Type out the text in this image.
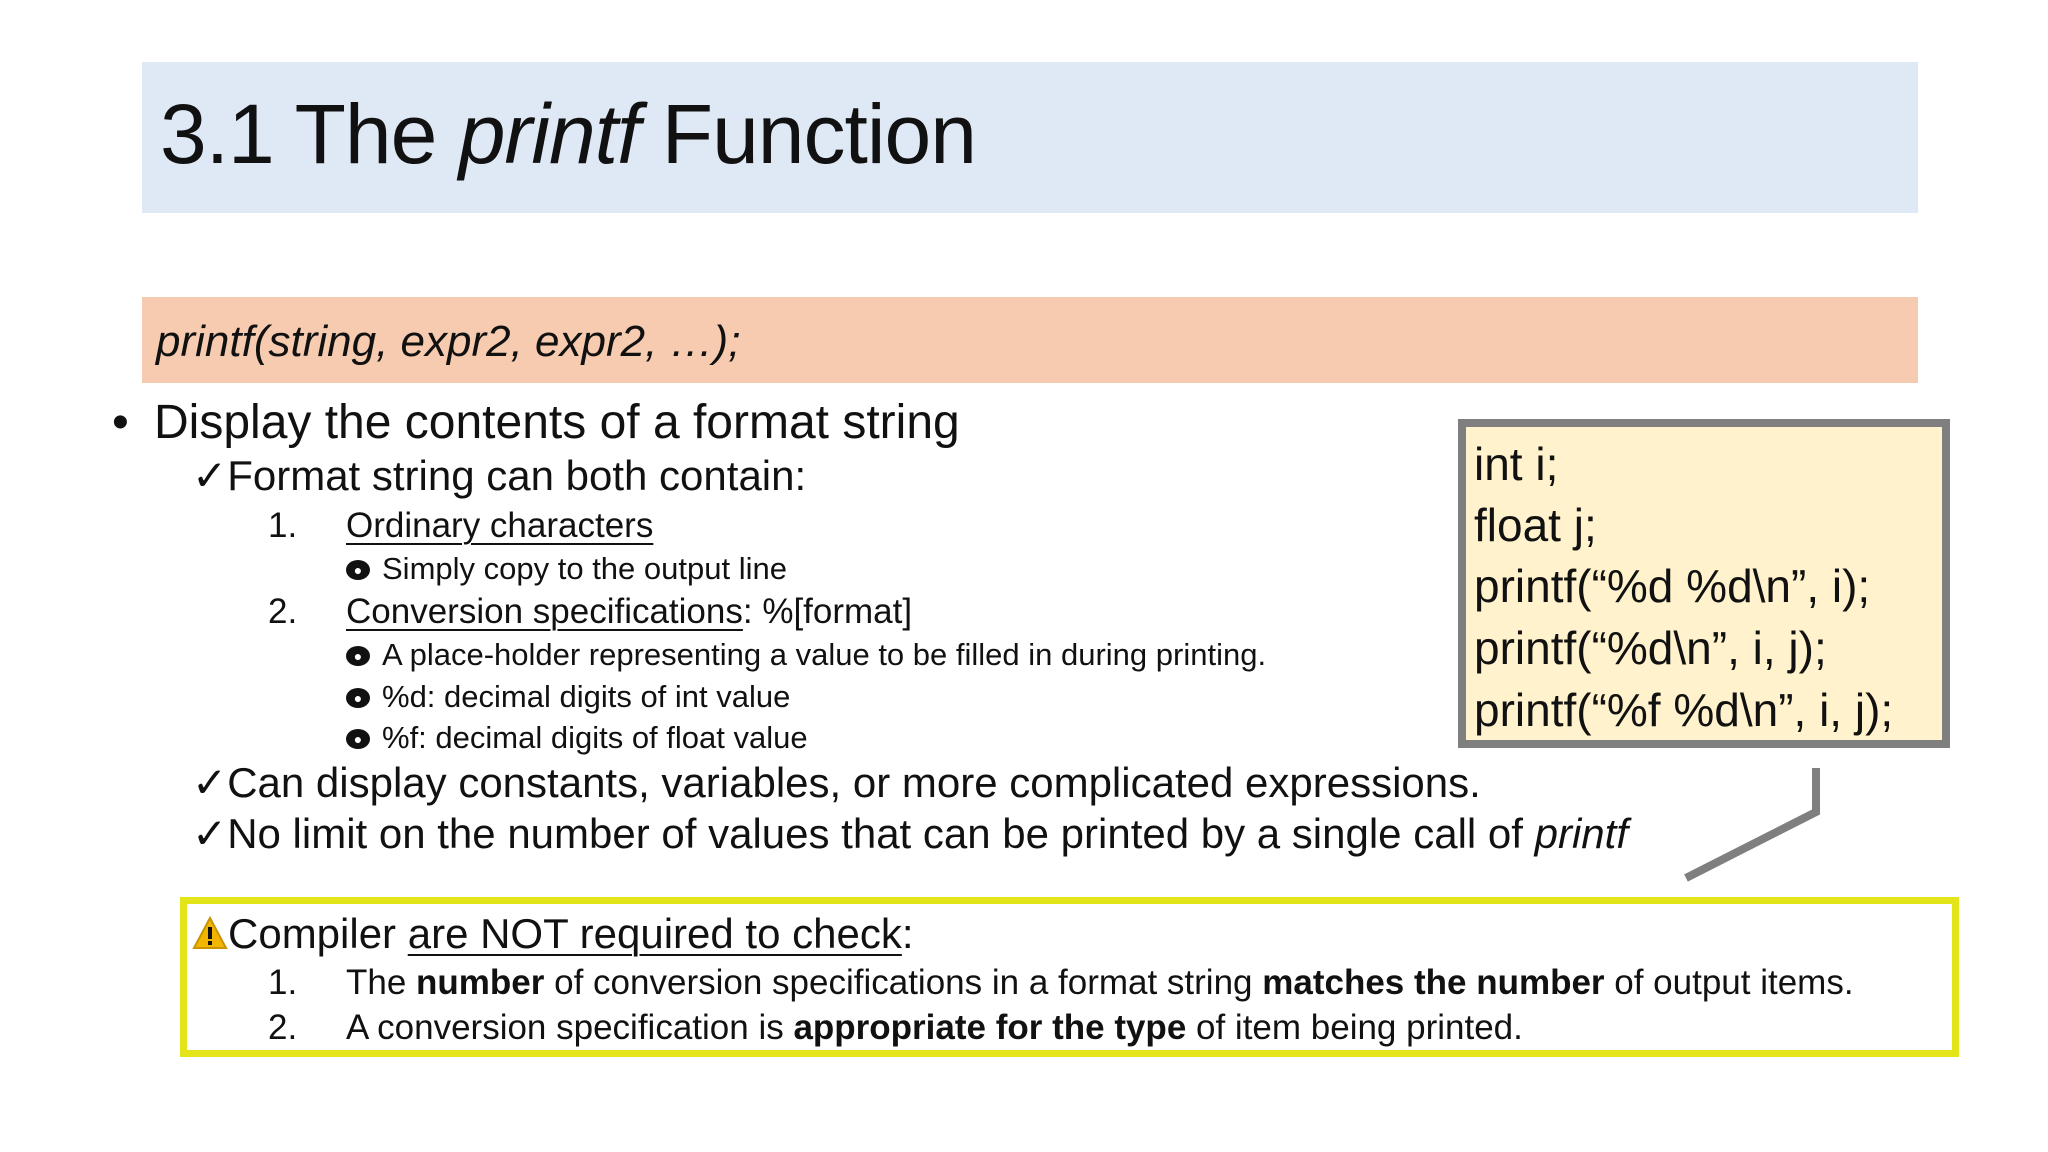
3.1 The printf Function
printf(string, expr2, expr2, …);
• Display the contents of a format string
✓Format string can both contain:
1. Ordinary characters
● Simply copy to the output line
2. Conversion specifications: %[format]
● A place-holder representing a value to be filled in during printing.
● %d: decimal digits of int value
● %f: decimal digits of float value
✓Can display constants, variables, or more complicated expressions.
✓No limit on the number of values that can be printed by a single call of printf
int i;
float j;
printf(“%d %d\n”, i);
printf(“%d\n”, i, j);
printf(“%f %d\n”, i, j);
Compiler are NOT required to check:
1. The number of conversion specifications in a format string matches the number of output items.
2. A conversion specification is appropriate for the type of item being printed.
